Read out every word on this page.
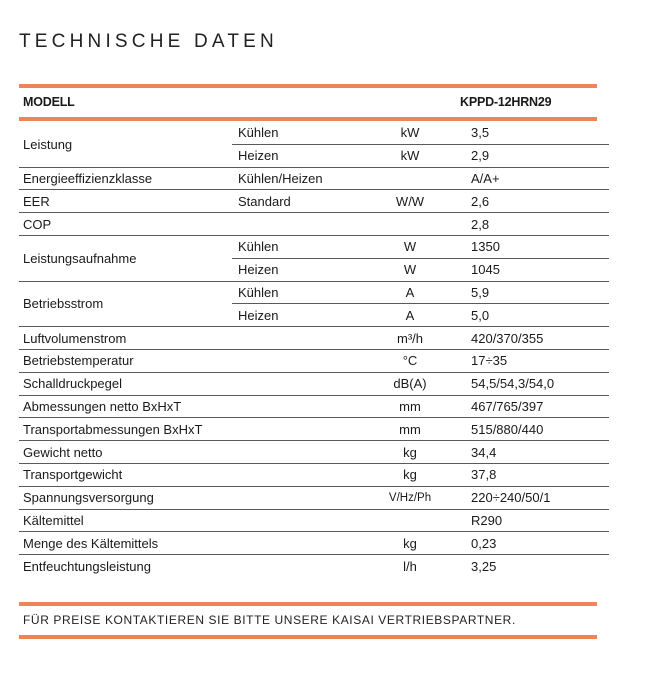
TECHNISCHE DATEN
MODELL	KPPD-12HRN29
Leistung	Kühlen	kW	3,5
	Heizen	kW	2,9
Energieeffizienzklasse	Kühlen/Heizen		A/A+
EER	Standard	W/W	2,6
COP			2,8
Leistungsaufnahme	Kühlen	W	1350
	Heizen	W	1045
Betriebsstrom	Kühlen	A	5,9
	Heizen	A	5,0
Luftvolumenstrom		m³/h	420/370/355
Betriebstemperatur		°C	17÷35
Schalldruckpegel		dB(A)	54,5/54,3/54,0
Abmessungen netto BxHxT		mm	467/765/397
Transportabmessungen BxHxT		mm	515/880/440
Gewicht netto		kg	34,4
Transportgewicht		kg	37,8
Spannungsversorgung		V/Hz/Ph	220÷240/50/1
Kältemittel			R290
Menge des Kältemittels		kg	0,23
Entfeuchtungsleistung		l/h	3,25
FÜR PREISE KONTAKTIEREN SIE BITTE UNSERE KAISAI VERTRIEBSPARTNER.
